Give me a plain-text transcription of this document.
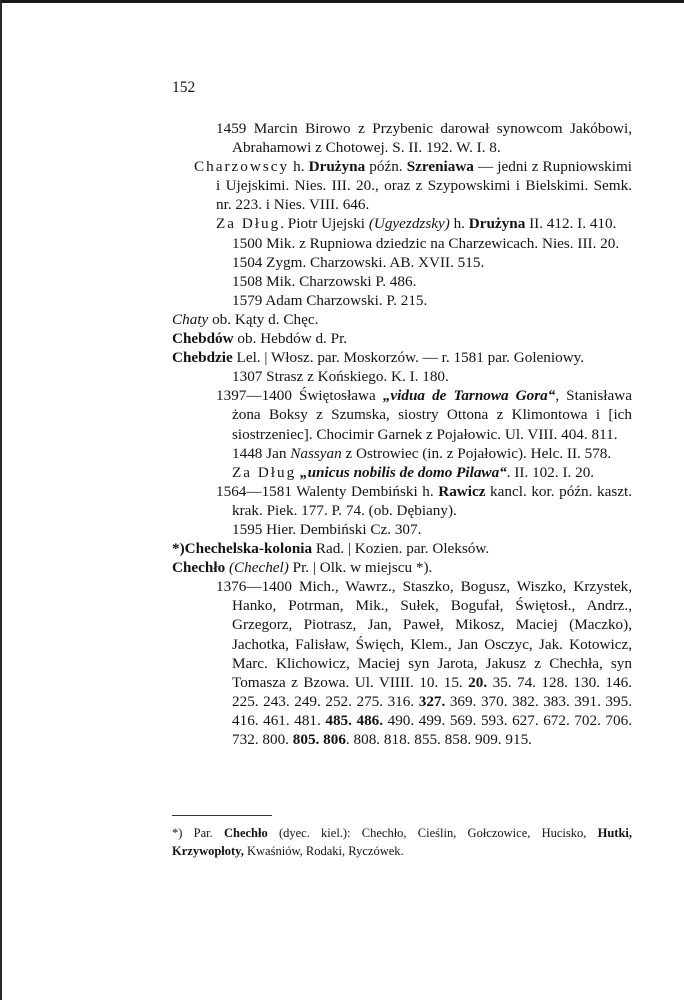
152

1459 Marcin Birowo z Przybenic darował synowcom Jakóbowi, Abrahamowi z Chotowej. S. II. 192. W. I. 8.

Charzowscy h. Drużyna późn. Szreniawa — jedni z Rupniowskimi i Ujejskimi. Nies. III. 20., oraz z Szypowskimi i Bielskimi. Semk. nr. 223. i Nies. VIII. 646.

Za Dług. Piotr Ujejski (Ugyezdzsky) h. Drużyna II. 412. I. 410.

1500 Mik. z Rupniowa dziedzic na Charzewicach. Nies. III. 20.

1504 Zygm. Charzowski. AB. XVII. 515.

1508 Mik. Charzowski P. 486.

1579 Adam Charzowski. P. 215.

Chaty ob. Kąty d. Chęc.

Chebdów ob. Hebdów d. Pr.

Chebdzie Lel. | Włosz. par. Moskorzów. — r. 1581 par. Goleniowy.

1307 Strasz z Końskiego. K. I. 180.

1397—1400 Świętosława „vidua de Tarnowa Gora“, Stanisława żona Boksy z Szumska, siostry Ottona z Klimontowa i [ich siostrzeniec]. Chocimir Garnek z Pojałowic. Ul. VIII. 404. 811.

1448 Jan Nassyan z Ostrowiec (in. z Pojałowic). Helc. II. 578.

Za Dług „unicus nobilis de domo Pilawa“. II. 102. I. 20.

1564—1581 Walenty Dembiński h. Rawicz kancl. kor. późn. kaszt. krak. Piek. 177. P. 74. (ob. Dębiany).

1595 Hier. Dembiński Cz. 307.

*)Chechelska-kolonia Rad. | Kozien. par. Oleksów.

Chechło (Chechel) Pr. | Olk. w miejscu *).

1376—1400 Mich., Wawrz., Staszko, Bogusz, Wiszko, Krzystek, Hanko, Potrman, Mik., Sułek, Bogufał, Świętosł., Andrz., Grzegorz, Piotrasz, Jan, Paweł, Mikosz, Maciej (Maczko), Jachotka, Falisław, Święch, Klem., Jan Osczyc, Jak. Kotowicz, Marc. Klichowicz, Maciej syn Jarota, Jakusz z Chechła, syn Tomasza z Bzowa. Ul. VIIII. 10. 15. 20. 35. 74. 128. 130. 146. 225. 243. 249. 252. 275. 316. 327. 369. 370. 382. 383. 391. 395. 416. 461. 481. 485. 486. 490. 499. 569. 593. 627. 672. 702. 706. 732. 800. 805. 806. 808. 818. 855. 858. 909. 915.

*) Par. Chechło (dyec. kiel.): Chechło, Cieślin, Gołczowice, Hucisko, Hutki, Krzywopłoty, Kwaśniów, Rodaki, Ryczówek.
